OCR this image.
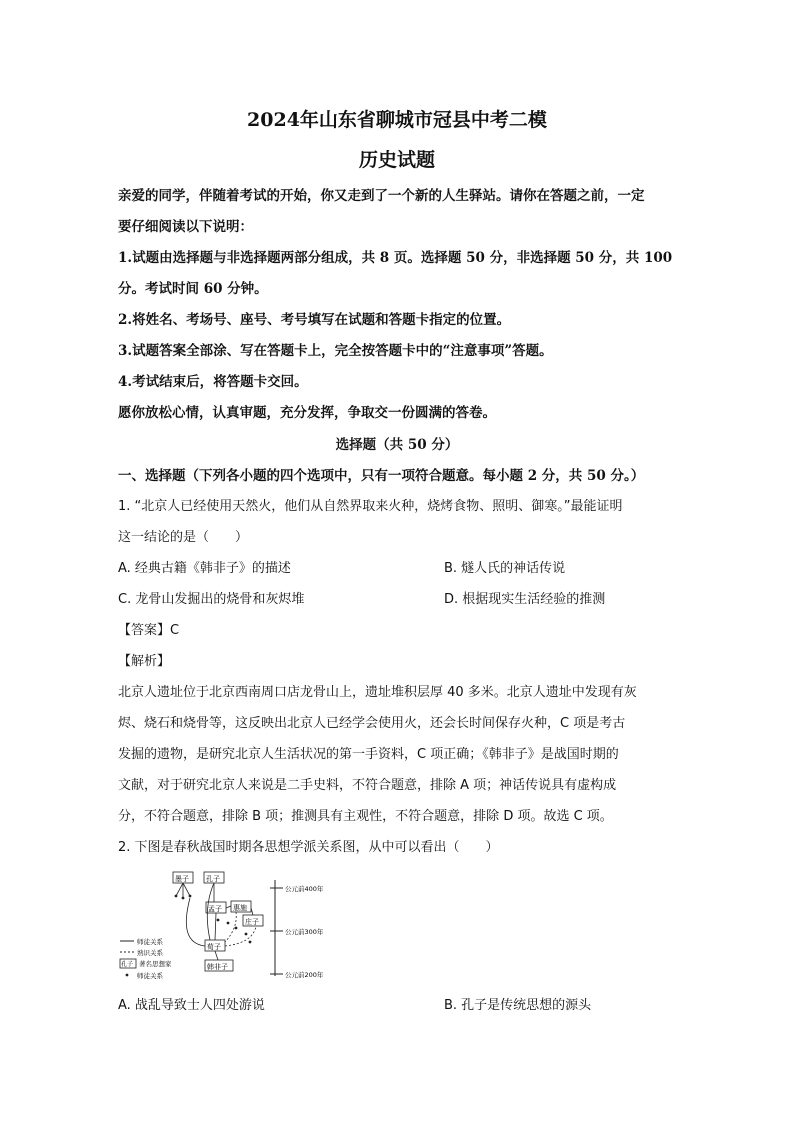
2024年山东省聊城市冠县中考二模
历史试题
亲爱的同学，伴随着考试的开始，你又走到了一个新的人生驿站。请你在答题之前，一定
要仔细阅读以下说明：
1.试题由选择题与非选择题两部分组成，共 8 页。选择题 50 分，非选择题 50 分，共 100
分。考试时间 60 分钟。
2.将姓名、考场号、座号、考号填写在试题和答题卡指定的位置。
3.试题答案全部涂、写在答题卡上，完全按答题卡中的“注意事项”答题。
4.考试结束后，将答题卡交回。
愿你放松心情，认真审题，充分发挥，争取交一份圆满的答卷。
选择题（共 50 分）
一、选择题（下列各小题的四个选项中，只有一项符合题意。每小题 2 分，共 50 分。）
1. “北京人已经使用天然火，他们从自然界取来火种，烧烤食物、照明、御寒。”最能证明
这一结论的是（　　）
A. 经典古籍《韩非子》的描述	B. 燧人氏的神话传说
C. 龙骨山发掘出的烧骨和灰烬堆	D. 根据现实生活经验的推测
【答案】C
【解析】
北京人遗址位于北京西南周口店龙骨山上，遗址堆积层厚 40 多米。北京人遗址中发现有灰
烬、烧石和烧骨等，这反映出北京人已经学会使用火，还会长时间保存火种，C 项是考古
发掘的遗物，是研究北京人生活状况的第一手资料，C 项正确；《韩非子》是战国时期的
文献，对于研究北京人来说是二手史料，不符合题意，排除 A 项；神话传说具有虚构成
分，不符合题意，排除 B 项；推测具有主观性，不符合题意，排除 D 项。故选 C 项。
2. 下图是春秋战国时期各思想学派关系图，从中可以看出（　　）
公元前400年
公元前300年
公元前200年
墨子 孔子
孟子 惠施
庄子
荀子
韩非子
师徒关系
熟识关系
孔子 著名思想家
师徒关系
A. 战乱导致士人四处游说	B. 孔子是传统思想的源头
